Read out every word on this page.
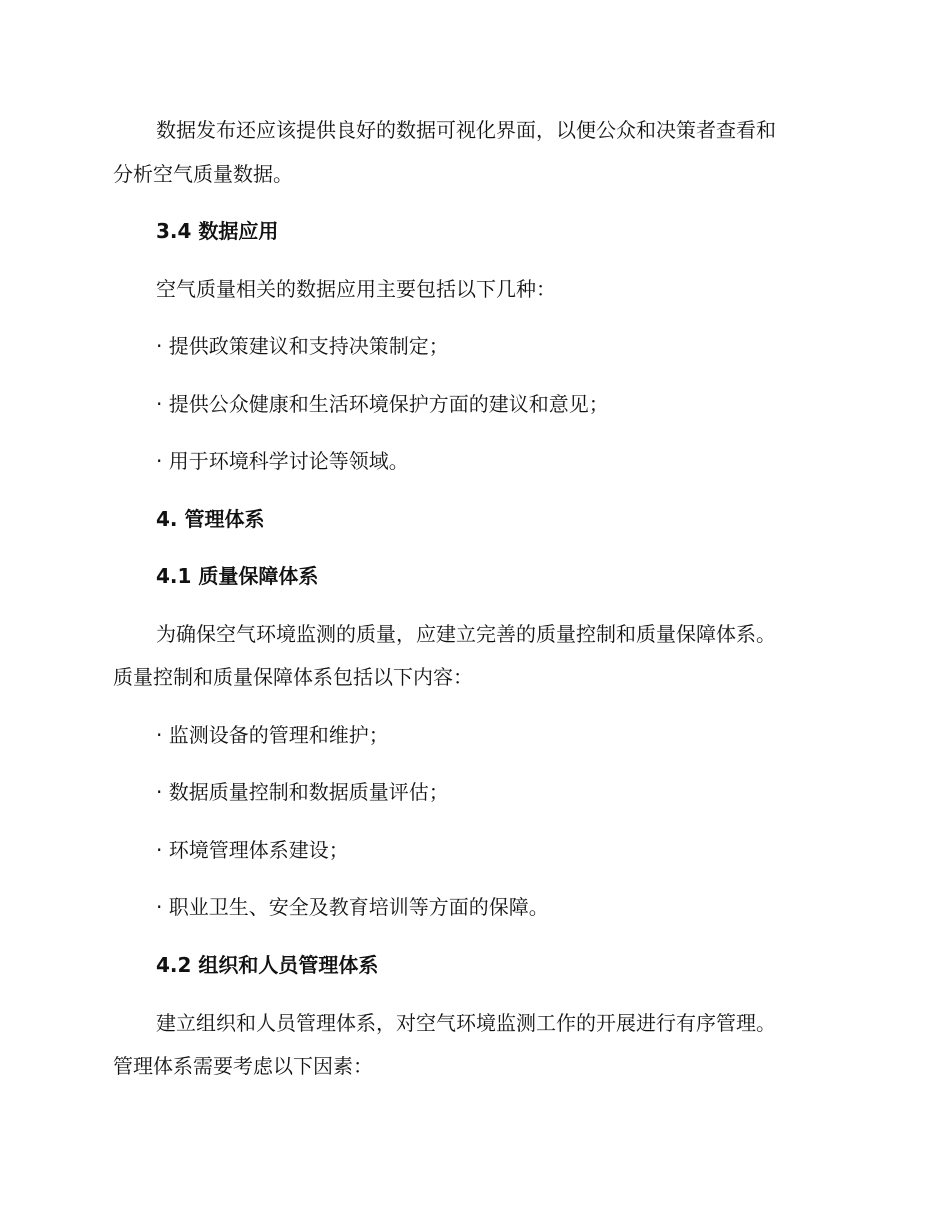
数据发布还应该提供良好的数据可视化界面，以便公众和决策者查看和
分析空气质量数据。
3.4 数据应用
空气质量相关的数据应用主要包括以下几种：
· 提供政策建议和支持决策制定；
· 提供公众健康和生活环境保护方面的建议和意见；
· 用于环境科学讨论等领域。
4. 管理体系
4.1 质量保障体系
为确保空气环境监测的质量，应建立完善的质量控制和质量保障体系。
质量控制和质量保障体系包括以下内容：
· 监测设备的管理和维护；
· 数据质量控制和数据质量评估；
· 环境管理体系建设；
· 职业卫生、安全及教育培训等方面的保障。
4.2 组织和人员管理体系
建立组织和人员管理体系，对空气环境监测工作的开展进行有序管理。
管理体系需要考虑以下因素：
